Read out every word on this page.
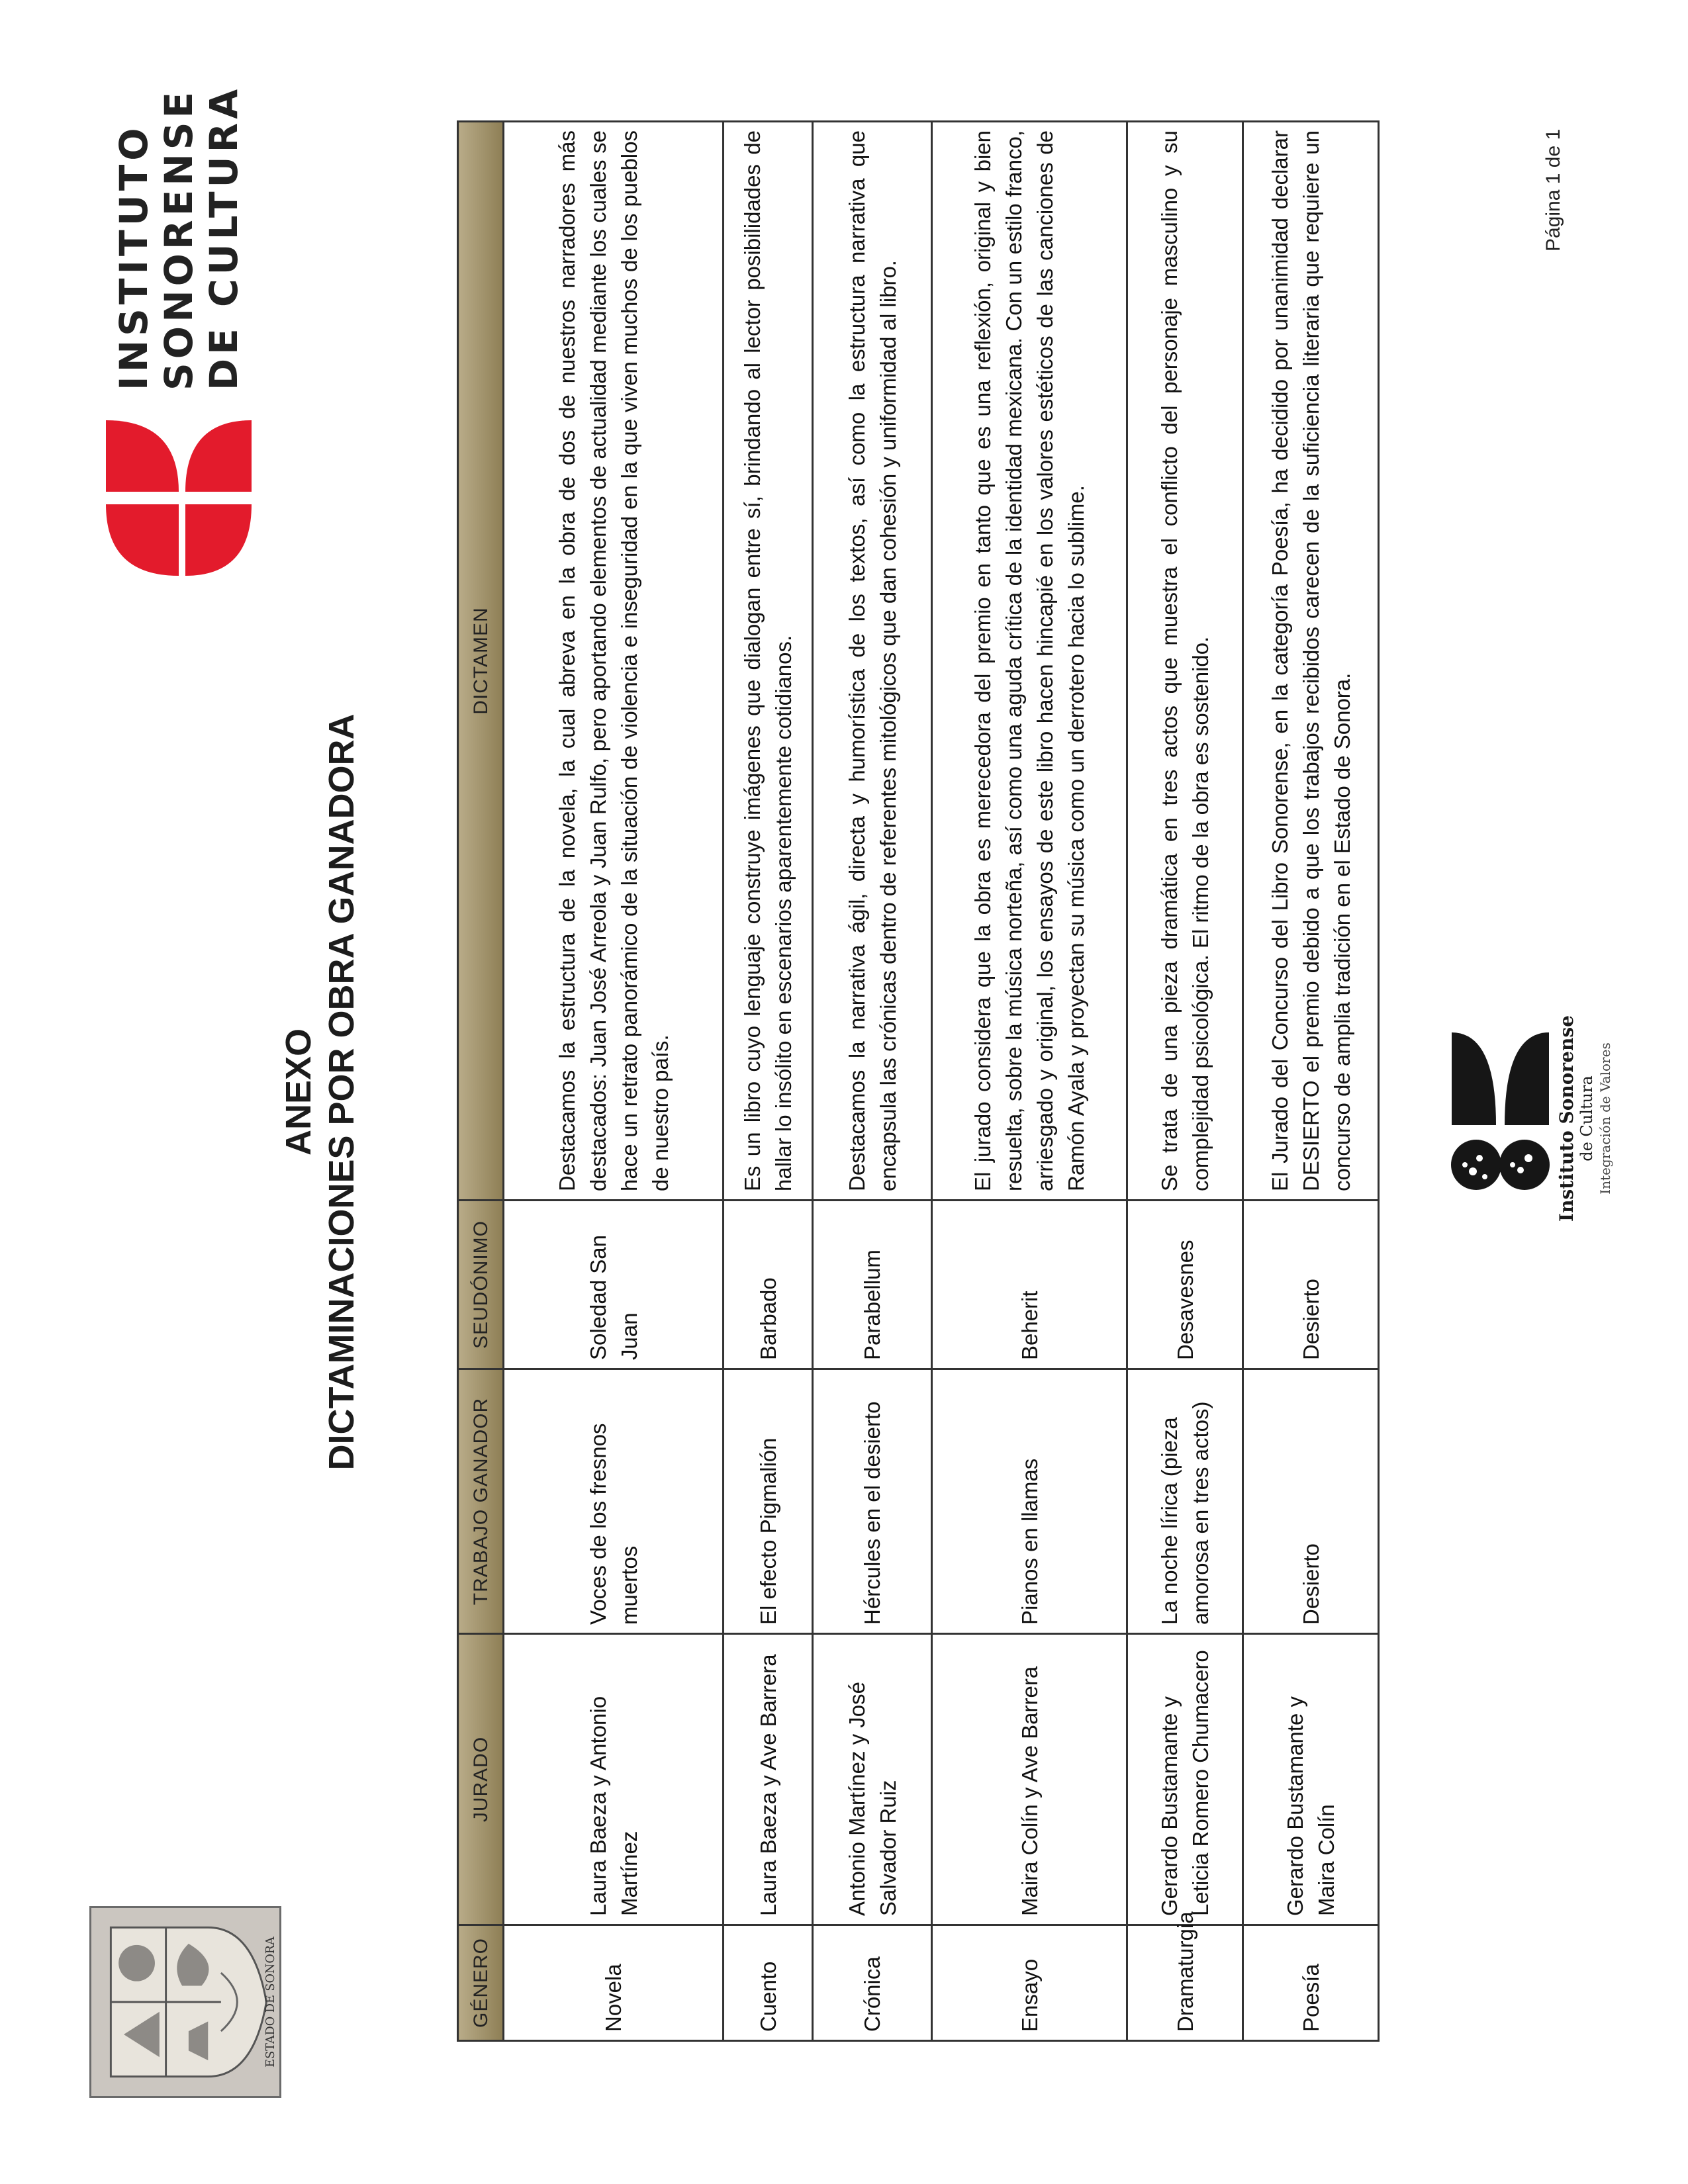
ESTADO DE SONORA
INSTITUTO SONORENSE DE CULTURA
ANEXO DICTAMINACIONES POR OBRA GANADORA
GÉNERO	JURADO	TRABAJO GANADOR	SEUDÓNIMO	DICTAMEN
Novela	Laura Baeza y Antonio Martínez	Voces de los fresnos muertos	Soledad San Juan	Destacamos la estructura de la novela, la cual abreva en la obra de dos de nuestros narradores más destacados: Juan José Arreola y Juan Rulfo, pero aportando elementos de actualidad mediante los cuales se hace un retrato panorámico de la situación de violencia e inseguridad en la que viven muchos de los pueblos de nuestro país.
Cuento	Laura Baeza y Ave Barrera	El efecto Pigmalión	Barbado	Es un libro cuyo lenguaje construye imágenes que dialogan entre sí, brindando al lector posibilidades de hallar lo insólito en escenarios aparentemente cotidianos.
Crónica	Antonio Martínez y José Salvador Ruiz	Hércules en el desierto	Parabellum	Destacamos la narrativa ágil, directa y humorística de los textos, así como la estructura narrativa que encapsula las crónicas dentro de referentes mitológicos que dan cohesión y uniformidad al libro.
Ensayo	Maira Colín y Ave Barrera	Pianos en llamas	Beherit	El jurado considera que la obra es merecedora del premio en tanto que es una reflexión, original y bien resuelta, sobre la música norteña, así como una aguda crítica de la identidad mexicana. Con un estilo franco, arriesgado y original, los ensayos de este libro hacen hincapié en los valores estéticos de las canciones de Ramón Ayala y proyectan su música como un derrotero hacia lo sublime.
Dramaturgia	Gerardo Bustamante y Leticia Romero Chumacero	La noche lírica (pieza amorosa en tres actos)	Desavesnes	Se trata de una pieza dramática en tres actos que muestra el conflicto del personaje masculino y su complejidad psicológica. El ritmo de la obra es sostenido.
Poesía	Gerardo Bustamante y Maira Colín	Desierto	Desierto	El Jurado del Concurso del Libro Sonorense, en la categoría Poesía, ha decidido por unanimidad declarar DESIERTO el premio debido a que los trabajos recibidos carecen de la suficiencia literaria que requiere un concurso de amplia tradición en el Estado de Sonora.	Instituto Sonorense de Cultura Integración de Valores
Página 1 de 1
